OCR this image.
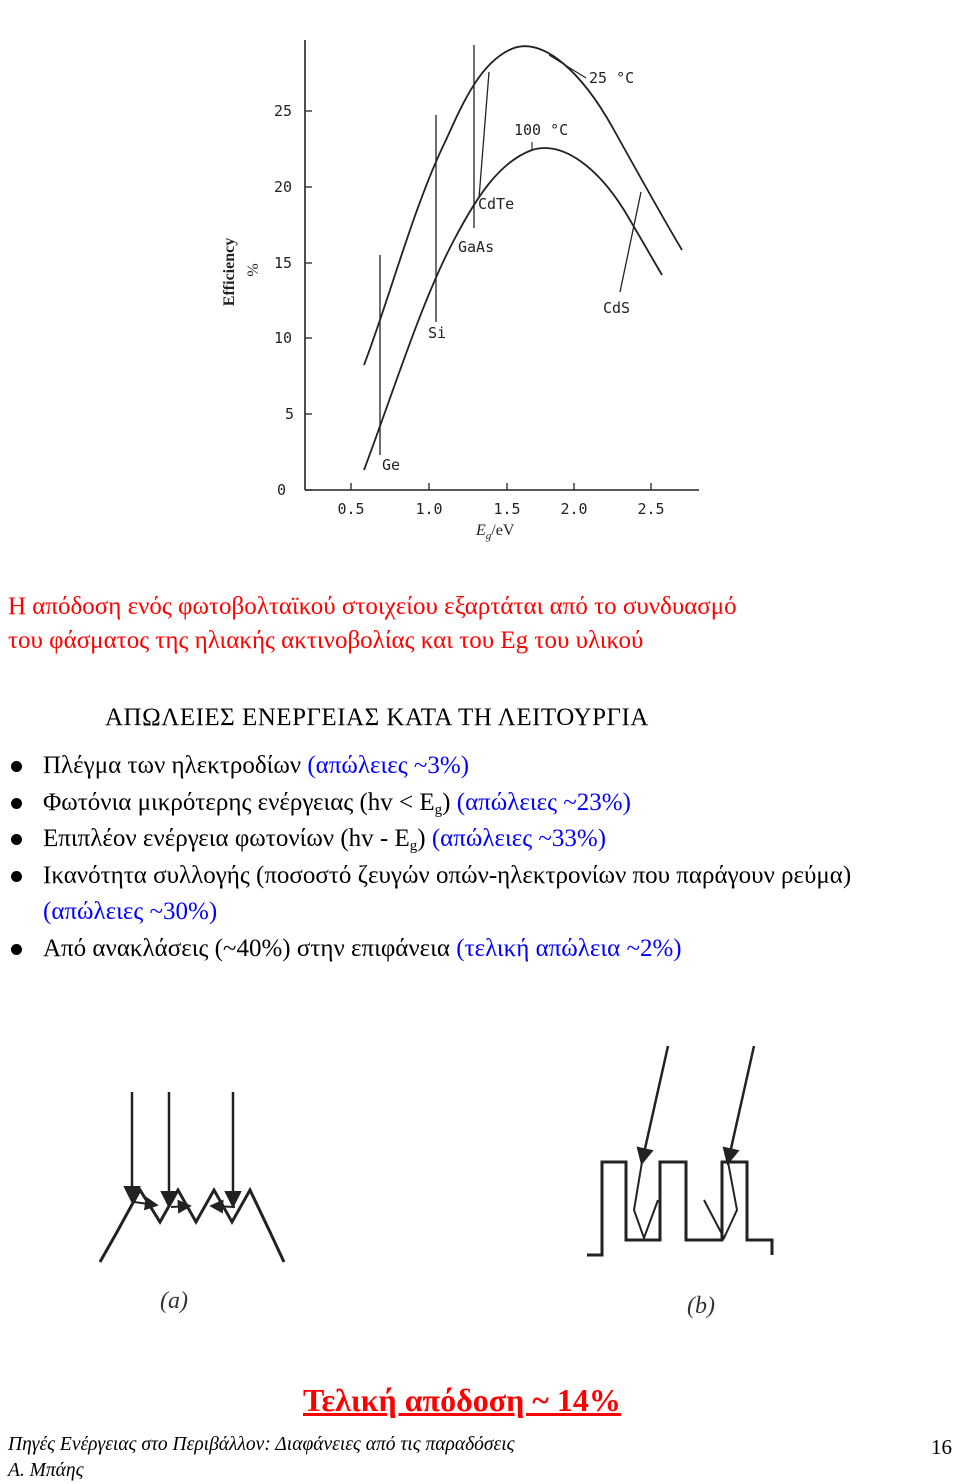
0
5
10
15
20
25
0.5	1.0	1.5	2.0	2.5
Efficiency %
$E_g/eV$
25 °C
100 °C
Ge
Si
GaAs
CdTe
CdS
Η απόδοση ενός φωτοβολταϊκού στοιχείου εξαρτάται από το συνδυασμό
του φάσματος της ηλιακής ακτινοβολίας και του Eg του υλικού
ΑΠΩΛΕΙΕΣ ΕΝΕΡΓΕΙΑΣ ΚΑΤΑ ΤΗ ΛΕΙΤΟΥΡΓΙΑ
Πλέγμα των ηλεκτροδίων (απώλειες ~3%)
Φωτόνια μικρότερης ενέργειας $(hv < E_g)$ (απώλειες ~23%)
Επιπλέον ενέργεια φωτονίων $(hv - E_g)$ (απώλειες ~33%)
Ικανότητα συλλογής (ποσοστό ζευγών οπών-ηλεκτρονίων που παράγουν ρεύμα) (απώλειες ~30%)
Από ανακλάσεις (~40%) στην επιφάνεια (τελική απώλεια ~2%)
(a)	(b)
Τελική απόδοση ~ 14%
Πηγές Ενέργειας στο Περιβάλλον: Διαφάνειες από τις παραδόσεις
Α. Μπάης
16
